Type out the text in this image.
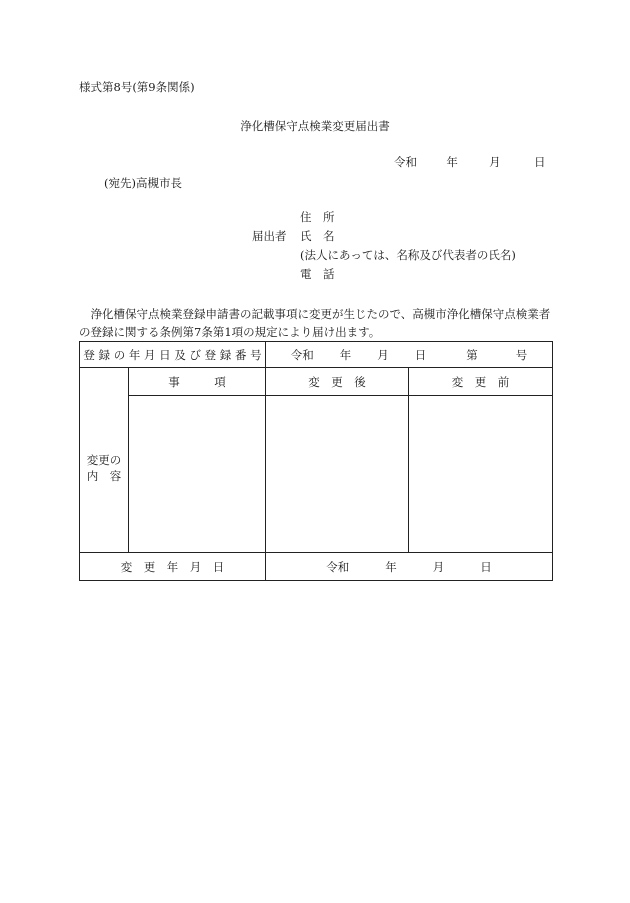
様式第8号(第9条関係)
浄化槽保守点検業変更届出書
令和	年	月	日
(宛先)高槻市長
住　所
届出者	氏　名
(法人にあっては、名称及び代表者の氏名)
電　話
　浄化槽保守点検業登録申請書の記載事項に変更が生じたので、高槻市浄化槽保守点検業者の登録に関する条例第7条第1項の規定により届け出ます。
登 録 の 年 月 日 及 び 登 録 番 号		令和 年 月 日 第 号	

変更の
内　容	事　　　項	変　更　後	変　更　前

変　更　年　月　日		令和 年 月 日	
